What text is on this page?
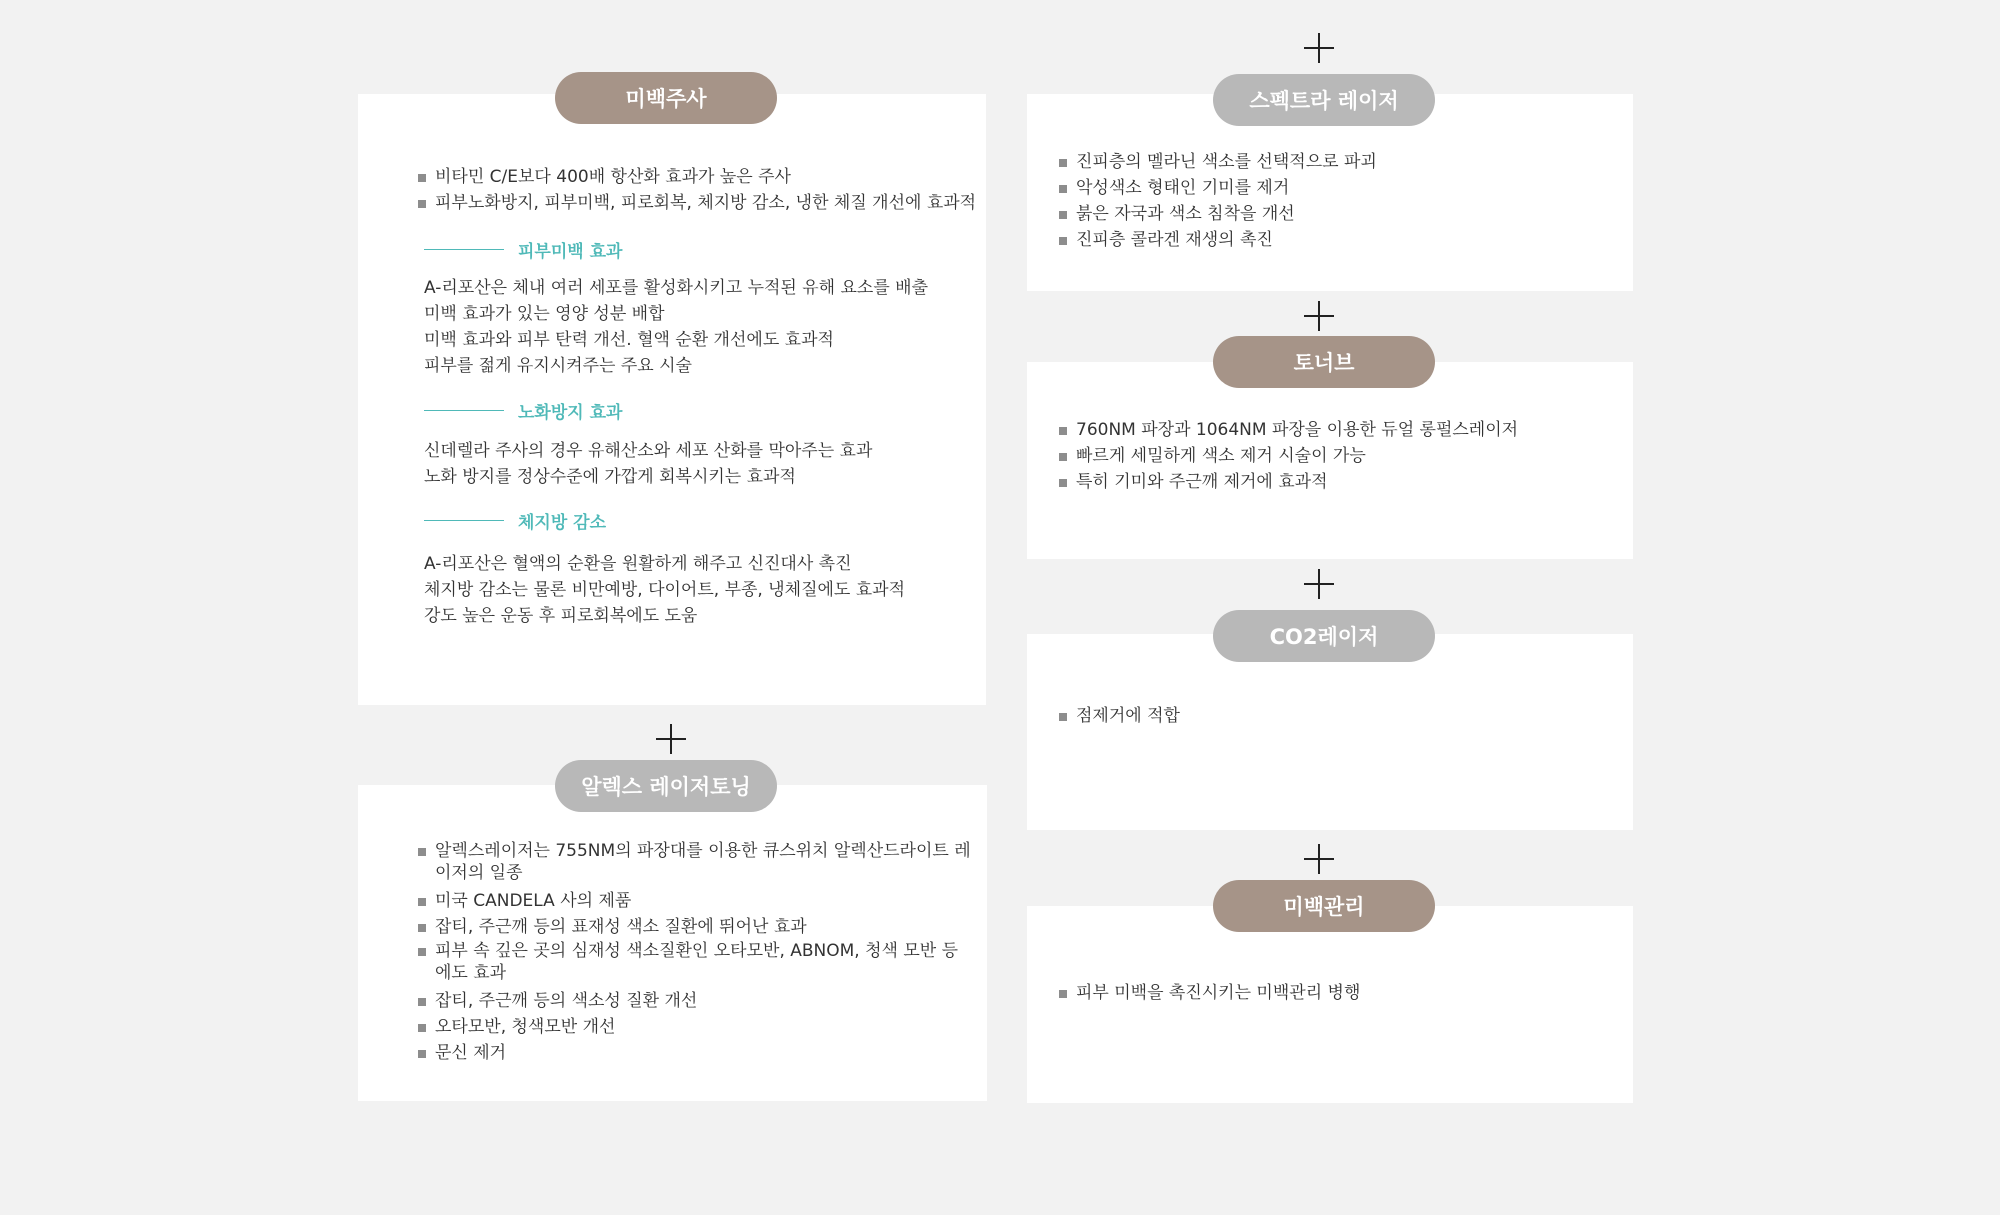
미백주사
비타민 C/E보다 400배 항산화 효과가 높은 주사
피부노화방지, 피부미백, 피로회복, 체지방 감소, 냉한 체질 개선에 효과적
피부미백 효과

A-리포산은 체내 여러 세포를 활성화시키고 누적된 유해 요소를 배출

미백 효과가 있는 영양 성분 배합

미백 효과와 피부 탄력 개선. 혈액 순환 개선에도 효과적

피부를 젊게 유지시켜주는 주요 시술

노화방지 효과

신데렐라 주사의 경우 유해산소와 세포 산화를 막아주는 효과

노화 방지를 정상수준에 가깝게 회복시키는 효과적

체지방 감소

A-리포산은 혈액의 순환을 원활하게 해주고 신진대사 촉진

체지방 감소는 물론 비만예방, 다이어트, 부종, 냉체질에도 효과적

강도 높은 운동 후 피로회복에도 도움

알렉스 레이저토닝
알렉스레이저는 755NM의 파장대를 이용한 큐스위치 알렉산드라이트 레이저의 일종
미국 CANDELA 사의 제품
잡티, 주근깨 등의 표재성 색소 질환에 뛰어난 효과
피부 속 깊은 곳의 심재성 색소질환인 오타모반, ABNOM, 청색 모반 등에도 효과
잡티, 주근깨 등의 색소성 질환 개선
오타모반, 청색모반 개선
문신 제거
스펙트라 레이저
진피층의 멜라닌 색소를 선택적으로 파괴
악성색소 형태인 기미를 제거
붉은 자국과 색소 침착을 개선
진피층 콜라겐 재생의 촉진
토너브
760NM 파장과 1064NM 파장을 이용한 듀얼 롱펄스레이저
빠르게 세밀하게 색소 제거 시술이 가능
특히 기미와 주근깨 제거에 효과적
CO2레이저
점제거에 적합
미백관리
피부 미백을 촉진시키는 미백관리 병행
